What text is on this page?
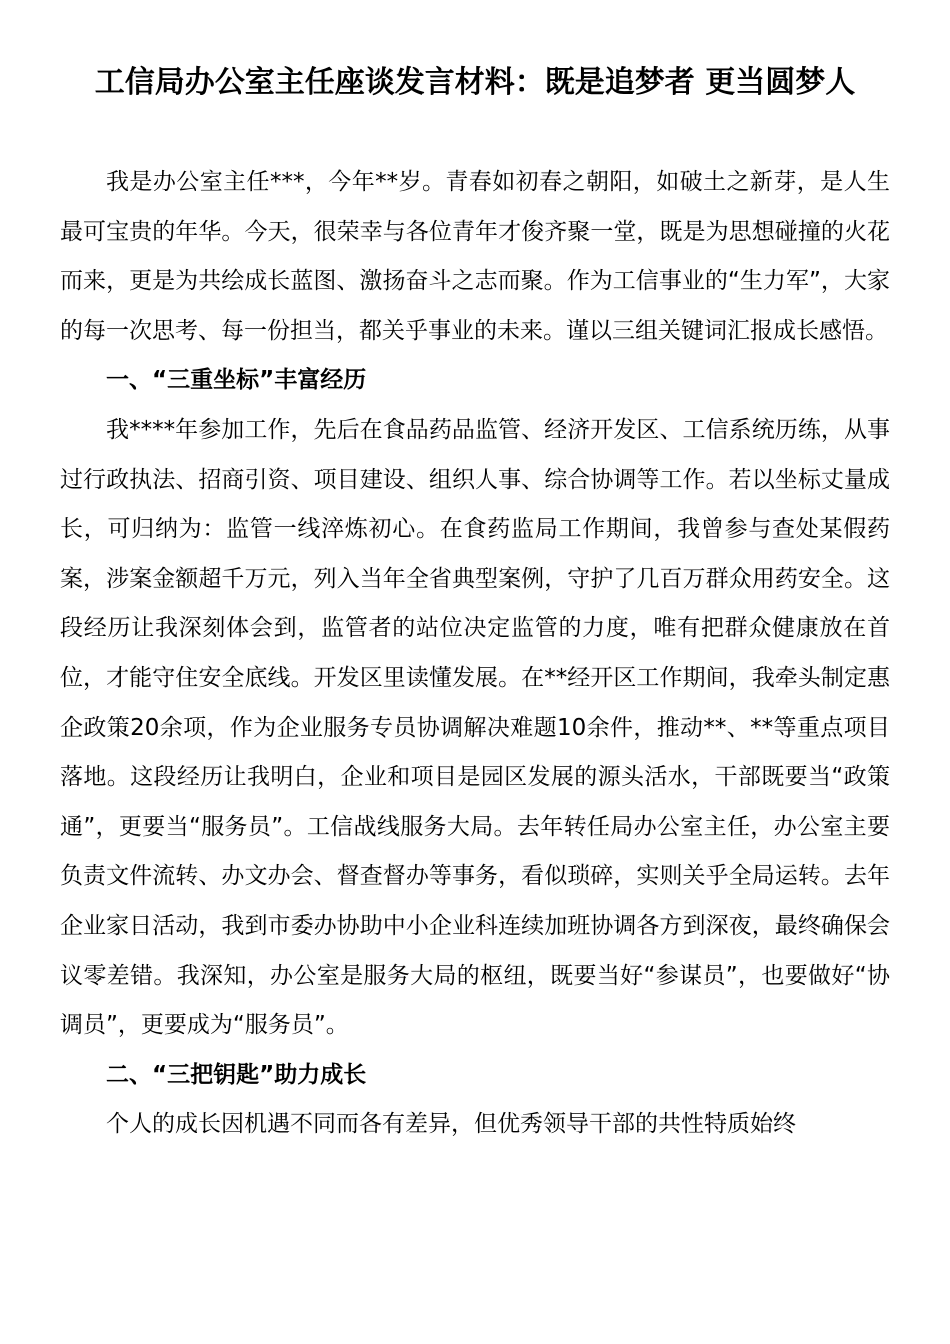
工信局办公室主任座谈发言材料：既是追梦者 更当圆梦人

我是办公室主任***，今年**岁。青春如初春之朝阳，如破土之新芽，是人生最可宝贵的年华。今天，很荣幸与各位青年才俊齐聚一堂，既是为思想碰撞的火花而来，更是为共绘成长蓝图、激扬奋斗之志而聚。作为工信事业的“生力军”，大家的每一次思考、每一份担当，都关乎事业的未来。谨以三组关键词汇报成长感悟。

一、“三重坐标”丰富经历

我****年参加工作，先后在食品药品监管、经济开发区、工信系统历练，从事过行政执法、招商引资、项目建设、组织人事、综合协调等工作。若以坐标丈量成长，可归纳为：监管一线淬炼初心。在食药监局工作期间，我曾参与查处某假药案，涉案金额超千万元，列入当年全省典型案例，守护了几百万群众用药安全。这段经历让我深刻体会到，监管者的站位决定监管的力度，唯有把群众健康放在首位，才能守住安全底线。开发区里读懂发展。在**经开区工作期间，我牵头制定惠企政策20余项，作为企业服务专员协调解决难题10余件，推动**、**等重点项目落地。这段经历让我明白，企业和项目是园区发展的源头活水，干部既要当“政策通”，更要当“服务员”。工信战线服务大局。去年转任局办公室主任，办公室主要负责文件流转、办文办会、督查督办等事务，看似琐碎，实则关乎全局运转。去年企业家日活动，我到市委办协助中小企业科连续加班协调各方到深夜，最终确保会议零差错。我深知，办公室是服务大局的枢纽，既要当好“参谋员”，也要做好“协调员”，更要成为“服务员”。

二、“三把钥匙”助力成长

个人的成长因机遇不同而各有差异，但优秀领导干部的共性特质始终
